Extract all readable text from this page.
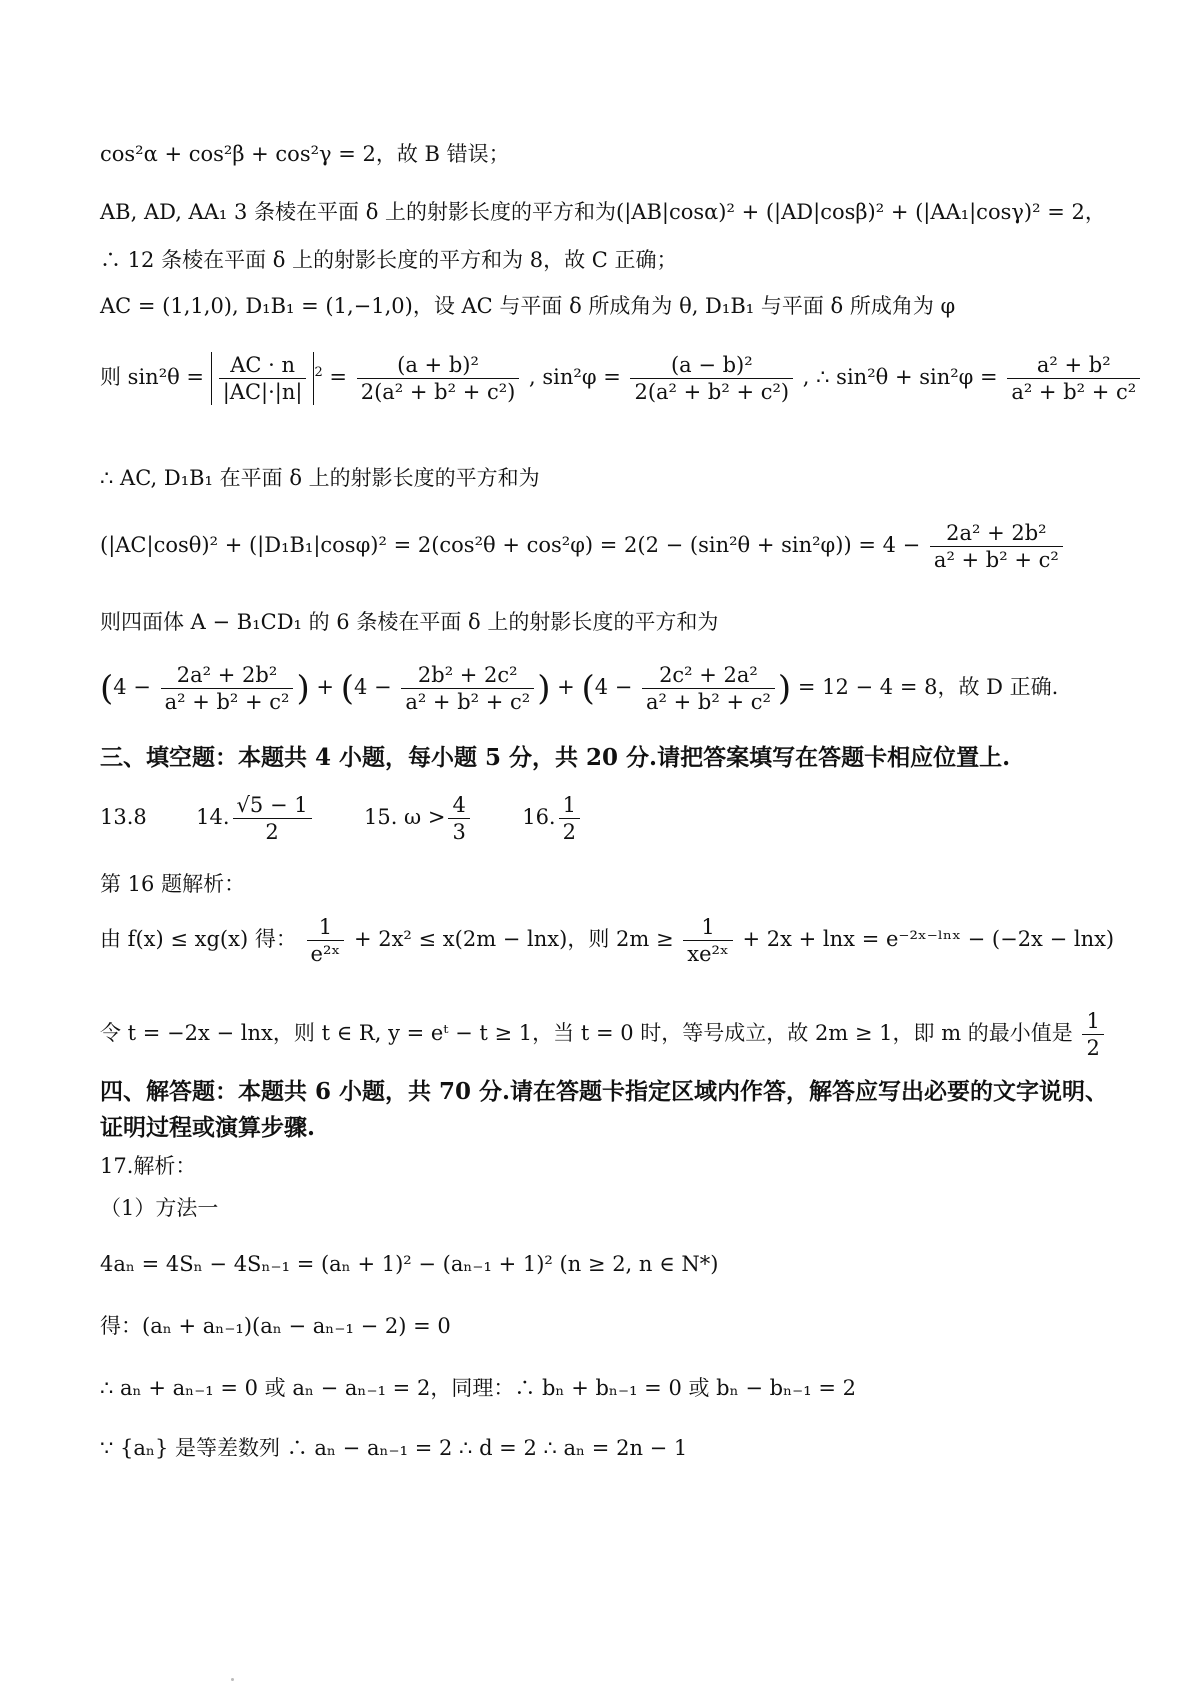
cos²α + cos²β + cos²γ = 2，故 B 错误；
AB, AD, AA₁ 3 条棱在平面 δ 上的射影长度的平方和为(|AB|cosα)² + (|AD|cosβ)² + (|AA₁|cosγ)² = 2，
∴ 12 条棱在平面 δ 上的射影长度的平方和为 8，故 C 正确；
AC = (1,1,0), D₁B₁ = (1,−1,0)，设 AC 与平面 δ 所成角为 θ, D₁B₁ 与平面 δ 所成角为 φ
则 $\sin^2\theta = \frac{AC \cdot n}{|AC|\cdot|n|} ^2 = \frac{\text{(a + b)²}}{\text{2(a² + b² + c²)}}$ , $\sin^2\varphi = \frac{\text{(a − b)²}}{\text{2(a² + b² + c²)}}$ , ∴ $\sin^2\theta + \sin^2\varphi = \frac{\text{a² + b²}}{\text{a² + b² + c²}}$
∴ AC, D₁B₁ 在平面 δ 上的射影长度的平方和为
$(|AC|\cos\theta)^2 + (|D_1B_1|\cos\varphi)^2 = 2(\cos^2\theta + \cos^2\varphi) = 2(2 - (\sin^2\theta + \sin^2\varphi)) = 4 - \frac{\text{2a² + 2b²}}{\text{a² + b² + c²}}$
则四面体 A − B₁CD₁ 的 6 条棱在平面 δ 上的射影长度的平方和为
($4 - \frac{\text{2a² + 2b²}}{\text{a² + b² + c²}}$ ) + ($4 - \frac{\text{2b² + 2c²}}{\text{a² + b² + c²}}$ ) + ($4 - \frac{\text{2c² + 2a²}}{\text{a² + b² + c²}}$ ) = 12 − 4 = 8，故 D 正确.
三、填空题：本题共 4 小题，每小题 5 分，共 20 分.请把答案填写在答题卡相应位置上.
13.8 14. $\frac{√5 - 1}{2} 15$. $\omega > \frac{4}{3} 16$. $\frac{1}{2}$
第 16 题解析：
由 f(x) ≤ xg(x) 得： $\frac{1}{\text{e²ˣ}} + 2x^2 \le x(2m - \ln x)$，则 $2m \ge \frac{1}{\text{xe²ˣ}} + 2x + \ln x$ = e⁻²ˣ⁻ˡⁿˣ − (−2x − lnx)
令 t = −2x − lnx，则 t ∈ R, y = eᵗ − t ≥ 1，当 t = 0 时，等号成立，故 2m ≥ 1，即 m 的最小值是 $\frac{1}{2}$
四、解答题：本题共 6 小题，共 70 分.请在答题卡指定区域内作答，解答应写出必要的文字说明、证明过程或演算步骤.
17.解析：
（1）方法一
4aₙ = 4Sₙ − 4Sₙ₋₁ = (aₙ + 1)² − (aₙ₋₁ + 1)² (n ≥ 2, n ∈ N*)
得：(aₙ + aₙ₋₁)(aₙ − aₙ₋₁ − 2) = 0
∴ aₙ + aₙ₋₁ = 0 或 aₙ − aₙ₋₁ = 2，同理：∴ bₙ + bₙ₋₁ = 0 或 bₙ − bₙ₋₁ = 2
∵ {aₙ} 是等差数列 ∴ aₙ − aₙ₋₁ = 2 ∴ d = 2 ∴ aₙ = 2n − 1
